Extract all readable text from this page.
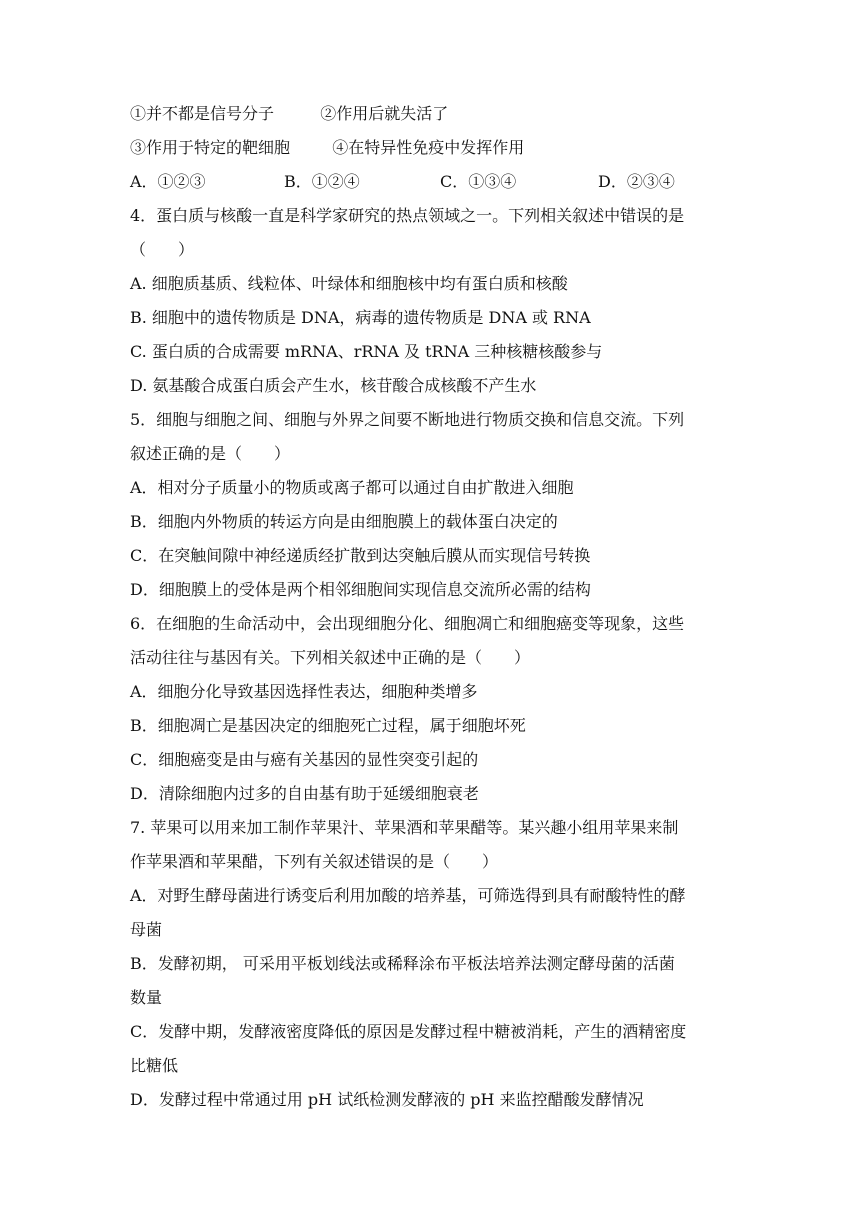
①并不都是信号分子	②作用后就失活了
③作用于特定的靶细胞	④在特异性免疫中发挥作用
A．①②③	B．①②④	C．①③④	D．②③④
4．蛋白质与核酸一直是科学家研究的热点领域之一。下列相关叙述中错误的是
（　　）
A. 细胞质基质、线粒体、叶绿体和细胞核中均有蛋白质和核酸
B. 细胞中的遗传物质是 DNA，病毒的遗传物质是 DNA 或 RNA
C. 蛋白质的合成需要 mRNA、rRNA 及 tRNA 三种核糖核酸参与
D. 氨基酸合成蛋白质会产生水，核苷酸合成核酸不产生水
5．细胞与细胞之间、细胞与外界之间要不断地进行物质交换和信息交流。下列
叙述正确的是（　　）
A．相对分子质量小的物质或离子都可以通过自由扩散进入细胞
B．细胞内外物质的转运方向是由细胞膜上的载体蛋白决定的
C．在突触间隙中神经递质经扩散到达突触后膜从而实现信号转换
D．细胞膜上的受体是两个相邻细胞间实现信息交流所必需的结构
6．在细胞的生命活动中，会出现细胞分化、细胞凋亡和细胞癌变等现象，这些
活动往往与基因有关。下列相关叙述中正确的是（　　）
A．细胞分化导致基因选择性表达，细胞种类增多
B．细胞凋亡是基因决定的细胞死亡过程，属于细胞坏死
C．细胞癌变是由与癌有关基因的显性突变引起的
D．清除细胞内过多的自由基有助于延缓细胞衰老
7. 苹果可以用来加工制作苹果汁、苹果酒和苹果醋等。某兴趣小组用苹果来制
作苹果酒和苹果醋，下列有关叙述错误的是（　　）
A．对野生酵母菌进行诱变后利用加酸的培养基，可筛选得到具有耐酸特性的酵
母菌
B．发酵初期， 可采用平板划线法或稀释涂布平板法培养法测定酵母菌的活菌
数量
C．发酵中期，发酵液密度降低的原因是发酵过程中糖被消耗，产生的酒精密度
比糖低
D．发酵过程中常通过用 pH 试纸检测发酵液的 pH 来监控醋酸发酵情况
